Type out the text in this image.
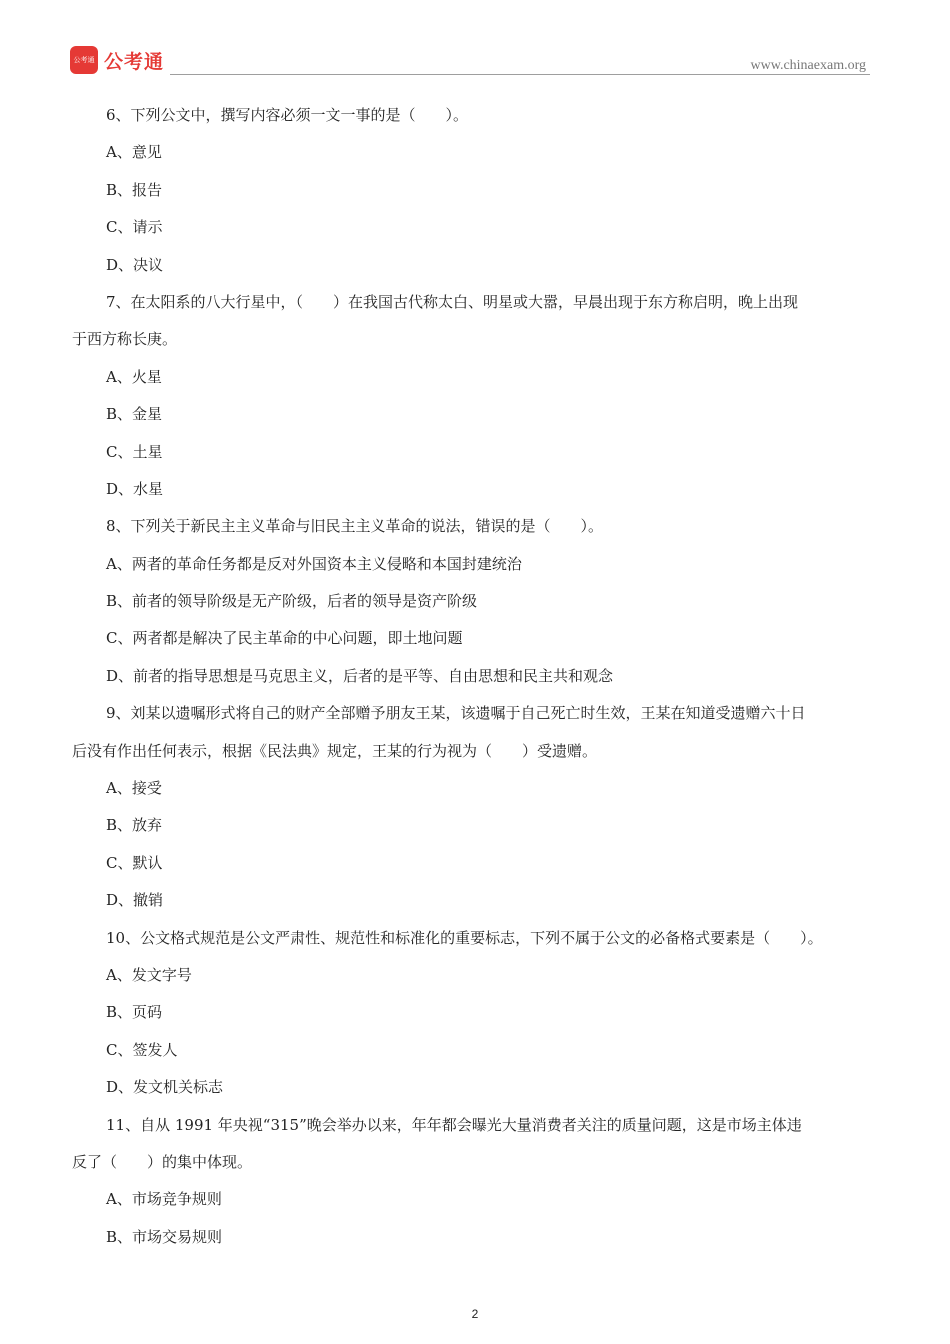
公考通 公考通	www.chinaexam.org
6、下列公文中，撰写内容必须一文一事的是（　　）。
A、意见
B、报告
C、请示
D、决议
7、在太阳系的八大行星中，（　　）在我国古代称太白、明星或大嚣，早晨出现于东方称启明，晚上出现
于西方称长庚。
A、火星
B、金星
C、土星
D、水星
8、下列关于新民主主义革命与旧民主主义革命的说法，错误的是（　　）。
A、两者的革命任务都是反对外国资本主义侵略和本国封建统治
B、前者的领导阶级是无产阶级，后者的领导是资产阶级
C、两者都是解决了民主革命的中心问题，即土地问题
D、前者的指导思想是马克思主义，后者的是平等、自由思想和民主共和观念
9、刘某以遗嘱形式将自己的财产全部赠予朋友王某，该遗嘱于自己死亡时生效，王某在知道受遗赠六十日
后没有作出任何表示，根据《民法典》规定，王某的行为视为（　　）受遗赠。
A、接受
B、放弃
C、默认
D、撤销
10、公文格式规范是公文严肃性、规范性和标准化的重要标志，下列不属于公文的必备格式要素是（　　）。
A、发文字号
B、页码
C、签发人
D、发文机关标志
11、自从 1991 年央视“315”晚会举办以来，年年都会曝光大量消费者关注的质量问题，这是市场主体违
反了（　　）的集中体现。
A、市场竞争规则
B、市场交易规则
2
